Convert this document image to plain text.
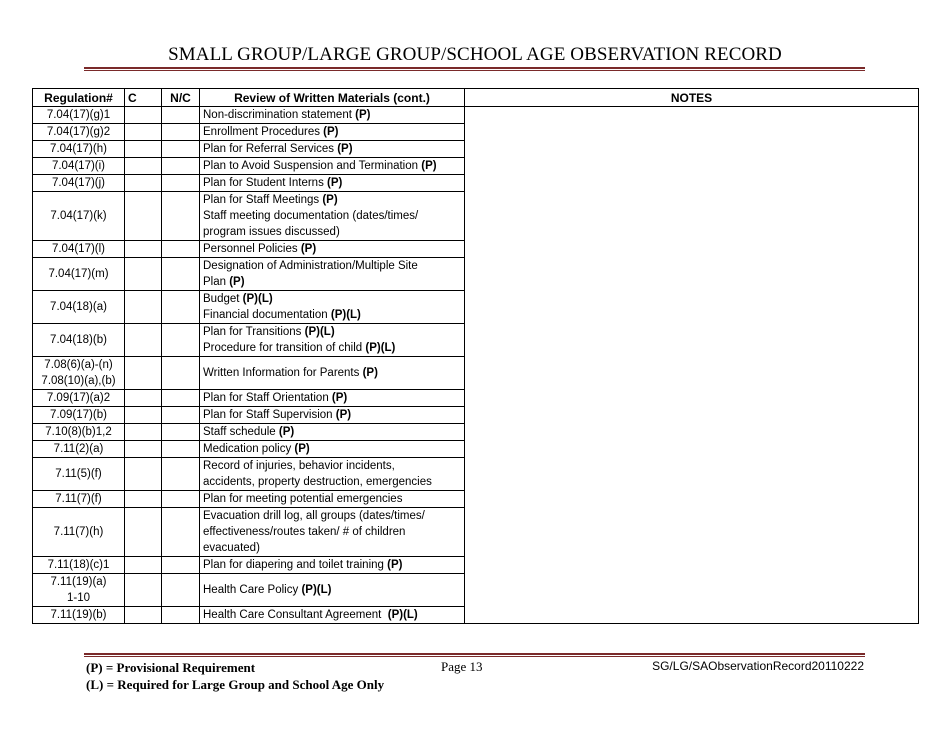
SMALL GROUP/LARGE GROUP/SCHOOL AGE OBSERVATION RECORD
Regulation#	C	N/C	Review of Written Materials (cont.)	NOTES

7.04(17)(g)1			Non-discrimination statement (P)	

7.04(17)(g)2			Enrollment Procedures (P)	

7.04(17)(h)			Plan for Referral Services (P)	

7.04(17)(i)			Plan to Avoid Suspension and Termination (P)	

7.04(17)(j)			Plan for Student Interns (P)	

7.04(17)(k)			Plan for Staff Meetings (P)
Staff meeting documentation (dates/times/
program issues discussed)	

7.04(17)(l)			Personnel Policies (P)	

7.04(17)(m)			Designation of Administration/Multiple Site
Plan (P)	

7.04(18)(a)			Budget (P)(L)
Financial documentation (P)(L)	

7.04(18)(b)			Plan for Transitions (P)(L)
Procedure for transition of child (P)(L)	

7.08(6)(a)-(n)
7.08(10)(a),(b)			Written Information for Parents (P)	

7.09(17)(a)2			Plan for Staff Orientation (P)	

7.09(17)(b)			Plan for Staff Supervision (P)	

7.10(8)(b)1,2			Staff schedule (P)	

7.11(2)(a)			Medication policy (P)	

7.11(5)(f)			Record of injuries, behavior incidents,
accidents, property destruction, emergencies	

7.11(7)(f)			Plan for meeting potential emergencies	

7.11(7)(h)			Evacuation drill log, all groups (dates/times/
effectiveness/routes taken/ # of children
evacuated)	

7.11(18)(c)1			Plan for diapering and toilet training (P)	

7.11(19)(a)
1-10			Health Care Policy (P)(L)	

7.11(19)(b)			Health Care Consultant Agreement  (P)(L)	
(P) = Provisional Requirement
(L) = Required for Large Group and School Age Only
Page 13	SG/LG/SAObservationRecord20110222
